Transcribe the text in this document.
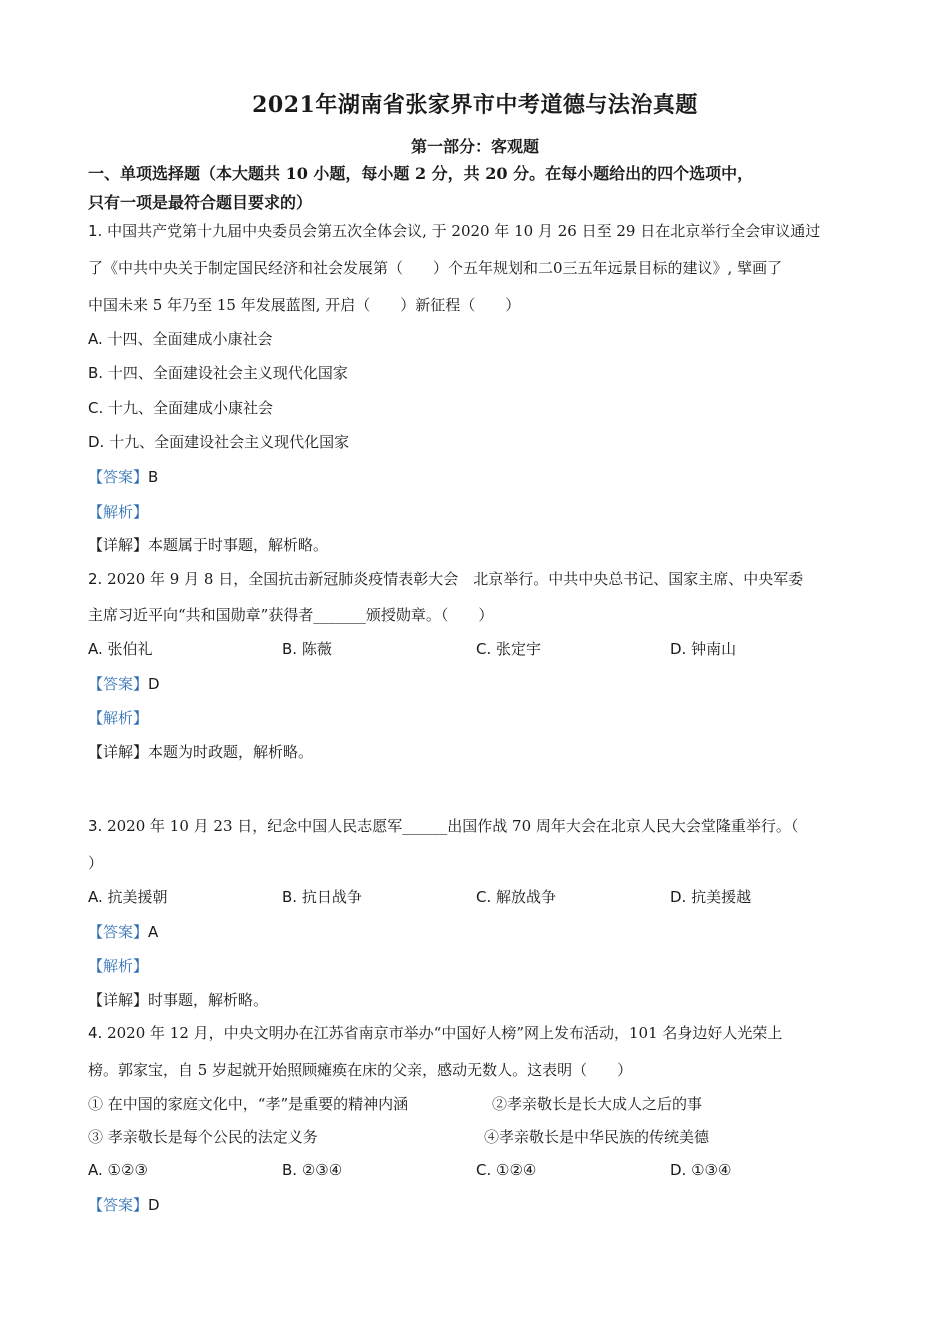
2021年湖南省张家界市中考道德与法治真题
第一部分：客观题
一、单项选择题（本大题共 10 小题，每小题 2 分，共 20 分。在每小题给出的四个选项中，
只有一项是最符合题目要求的）
1. 中国共产党第十九届中央委员会第五次全体会议, 于 2020 年 10 月 26 日至 29 日在北京举行全会审议通过
了《中共中央关于制定国民经济和社会发展第（　　）个五年规划和二0三五年远景目标的建议》, 擘画了
中国未来 5 年乃至 15 年发展蓝图, 开启（　　）新征程（　　）
A. 十四、全面建成小康社会
B. 十四、全面建设社会主义现代化国家
C. 十九、全面建成小康社会
D. 十九、全面建设社会主义现代化国家
【答案】B
【解析】
【详解】本题属于时事题，解析略。
2. 2020 年 9 月 8 日，全国抗击新冠肺炎疫情表彰大会　北京举行。中共中央总书记、国家主席、中央军委
主席习近平向“共和国勋章”获得者_______颁授勋章。（　　）
A. 张伯礼	B. 陈薇	C. 张定宇	D. 钟南山
【答案】D
【解析】
【详解】本题为时政题，解析略。
3. 2020 年 10 月 23 日，纪念中国人民志愿军______出国作战 70 周年大会在北京人民大会堂隆重举行。（
）
A. 抗美援朝	B. 抗日战争	C. 解放战争	D. 抗美援越
【答案】A
【解析】
【详解】时事题，解析略。
4. 2020 年 12 月，中央文明办在江苏省南京市举办“中国好人榜”网上发布活动，101 名身边好人光荣上
榜。郭家宝，自 5 岁起就开始照顾瘫痪在床的父亲，感动无数人。这表明（　　）
① 在中国的家庭文化中，“孝”是重要的精神内涵	②孝亲敬长是长大成人之后的事
③ 孝亲敬长是每个公民的法定义务	④孝亲敬长是中华民族的传统美德
A. ①②③	B. ②③④	C. ①②④	D. ①③④
【答案】D
